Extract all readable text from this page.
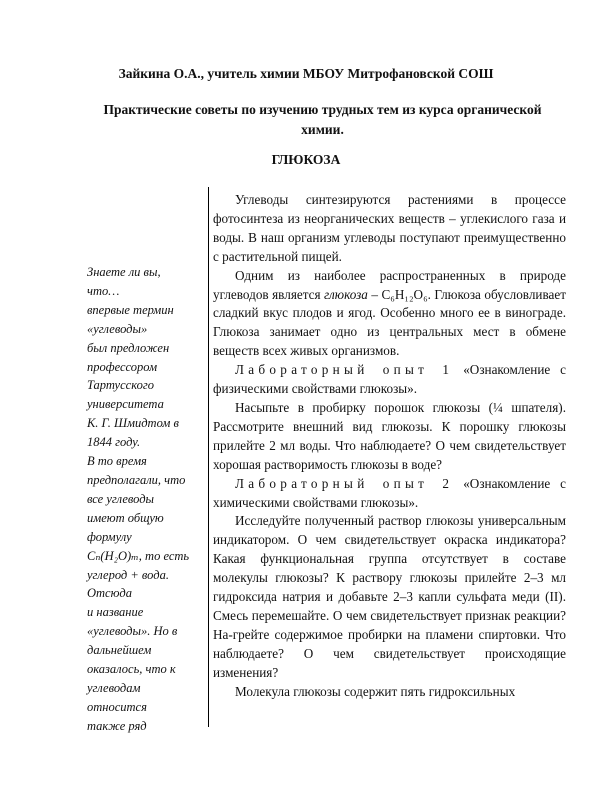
Зайкина О.А., учитель химии МБОУ Митрофановской СОШ
Практические советы по изучению трудных тем из курса органической химии.
ГЛЮКОЗА
Знаете ли вы,
что…
впервые термин
«углеводы»
был предложен
профессором
Тартусского
университета
К. Г. Шмидтом в
1844 году.
В то время
предполагали, что
все углеводы
имеют общую
формулу
Cₙ(H₂O)ₘ, то есть
углерод + вода.
Отсюда
и название
«углеводы». Но в
дальнейшем
оказалось, что к
углеводам
относится
также ряд

Углеводы синтезируются растениями в процессе фотосинтеза из неорганических веществ – углекислого газа и воды. В наш организм углеводы поступают преимущественно с растительной пищей.

Одним из наиболее распространенных в природе углеводов является глюкоза – C₆H₁₂O₆. Глюкоза обусловливает сладкий вкус плодов и ягод. Особенно много ее в винограде. Глюкоза занимает одно из центральных мест в обмене веществ всех живых организмов.

Лабораторный опыт 1 «Ознакомление с физическими свойствами глюкозы».

Насыпьте в пробирку порошок глюкозы (¼ шпателя). Рассмотрите внешний вид глюкозы. К порошку глюкозы прилейте 2 мл воды. Что наблюдаете? О чем свидетельствует хорошая растворимость глюкозы в воде?

Лабораторный опыт 2 «Ознакомление с химическими свойствами глюкозы».

Исследуйте полученный раствор глюкозы универсальным индикатором. О чем свидетельствует окраска индикатора? Какая функциональная группа отсутствует в составе молекулы глюкозы? К раствору глюкозы прилейте 2–3 мл гидроксида натрия и добавьте 2–3 капли сульфата меди (II). Смесь перемешайте. О чем свидетельствует признак реакции? На-грейте содержимое пробирки на пламени спиртовки. Что наблюдаете? О чем свидетельствует происходящие изменения?

Молекула глюкозы содержит пять гидроксильных
